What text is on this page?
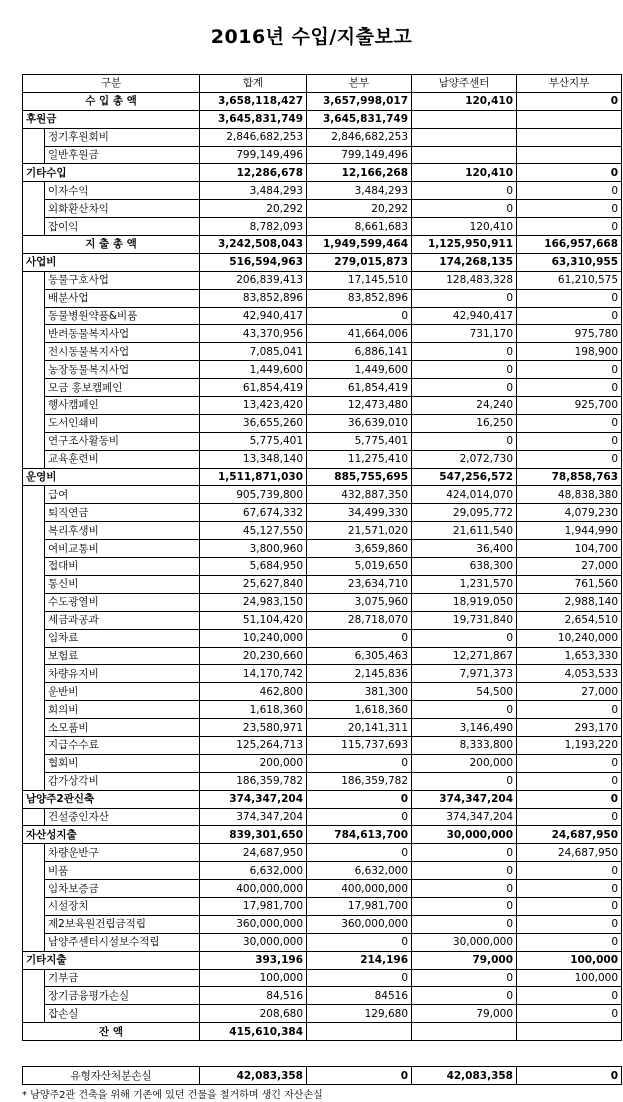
2016년 수입/지출보고
구분		합계	본부	남양주센터	부산지부
수 입 총 액		3,658,118,427	3,657,998,017	120,410	0
후원금		3,645,831,749	3,645,831,749		
	정기후원회비	2,846,682,253	2,846,682,253		
	일반후원금	799,149,496	799,149,496		
기타수입		12,286,678	12,166,268	120,410	0
	이자수익	3,484,293	3,484,293	0	0
	외화환산차익	20,292	20,292	0	0
	잡이익	8,782,093	8,661,683	120,410	0
지 출 총 액		3,242,508,043	1,949,599,464	1,125,950,911	166,957,668
사업비		516,594,963	279,015,873	174,268,135	63,310,955
	동물구호사업	206,839,413	17,145,510	128,483,328	61,210,575
	배분사업	83,852,896	83,852,896	0	0
	동물병원약품&비품	42,940,417	0	42,940,417	0
	반려동물복지사업	43,370,956	41,664,006	731,170	975,780
	전시동물복지사업	7,085,041	6,886,141	0	198,900
	농장동물복지사업	1,449,600	1,449,600	0	0
	모금 홍보캠페인	61,854,419	61,854,419	0	0
	행사캠페인	13,423,420	12,473,480	24,240	925,700
	도서인쇄비	36,655,260	36,639,010	16,250	0
	연구조사활동비	5,775,401	5,775,401	0	0
	교육훈련비	13,348,140	11,275,410	2,072,730	0
운영비		1,511,871,030	885,755,695	547,256,572	78,858,763
	급여	905,739,800	432,887,350	424,014,070	48,838,380
	퇴직연금	67,674,332	34,499,330	29,095,772	4,079,230
	복리후생비	45,127,550	21,571,020	21,611,540	1,944,990
	여비교통비	3,800,960	3,659,860	36,400	104,700
	접대비	5,684,950	5,019,650	638,300	27,000
	통신비	25,627,840	23,634,710	1,231,570	761,560
	수도광열비	24,983,150	3,075,960	18,919,050	2,988,140
	세금과공과	51,104,420	28,718,070	19,731,840	2,654,510
	임차료	10,240,000	0	0	10,240,000
	보험료	20,230,660	6,305,463	12,271,867	1,653,330
	차량유지비	14,170,742	2,145,836	7,971,373	4,053,533
	운반비	462,800	381,300	54,500	27,000
	회의비	1,618,360	1,618,360	0	0
	소모품비	23,580,971	20,141,311	3,146,490	293,170
	지급수수료	125,264,713	115,737,693	8,333,800	1,193,220
	협회비	200,000	0	200,000	0
	감가상각비	186,359,782	186,359,782	0	0
남양주2관신축		374,347,204	0	374,347,204	0
	건설중인자산	374,347,204	0	374,347,204	0
자산성지출		839,301,650	784,613,700	30,000,000	24,687,950
	차량운반구	24,687,950	0	0	24,687,950
	비품	6,632,000	6,632,000	0	0
	임차보증금	400,000,000	400,000,000	0	0
	시설장치	17,981,700	17,981,700	0	0
	제2보육원건립금적립	360,000,000	360,000,000	0	0
	남양주센터시설보수적립	30,000,000	0	30,000,000	0
기타지출		393,196	214,196	79,000	100,000
	기부금	100,000	0	0	100,000
	장기금융평가손실	84,516	84516	0	0
	잡손실	208,680	129,680	79,000	0
잔 액		415,610,384			
유형자산처분손실	42,083,358	0	42,083,358	0
* 남양주2관 건축을 위해 기존에 있던 건물을 철거하며 생긴 자산손실
